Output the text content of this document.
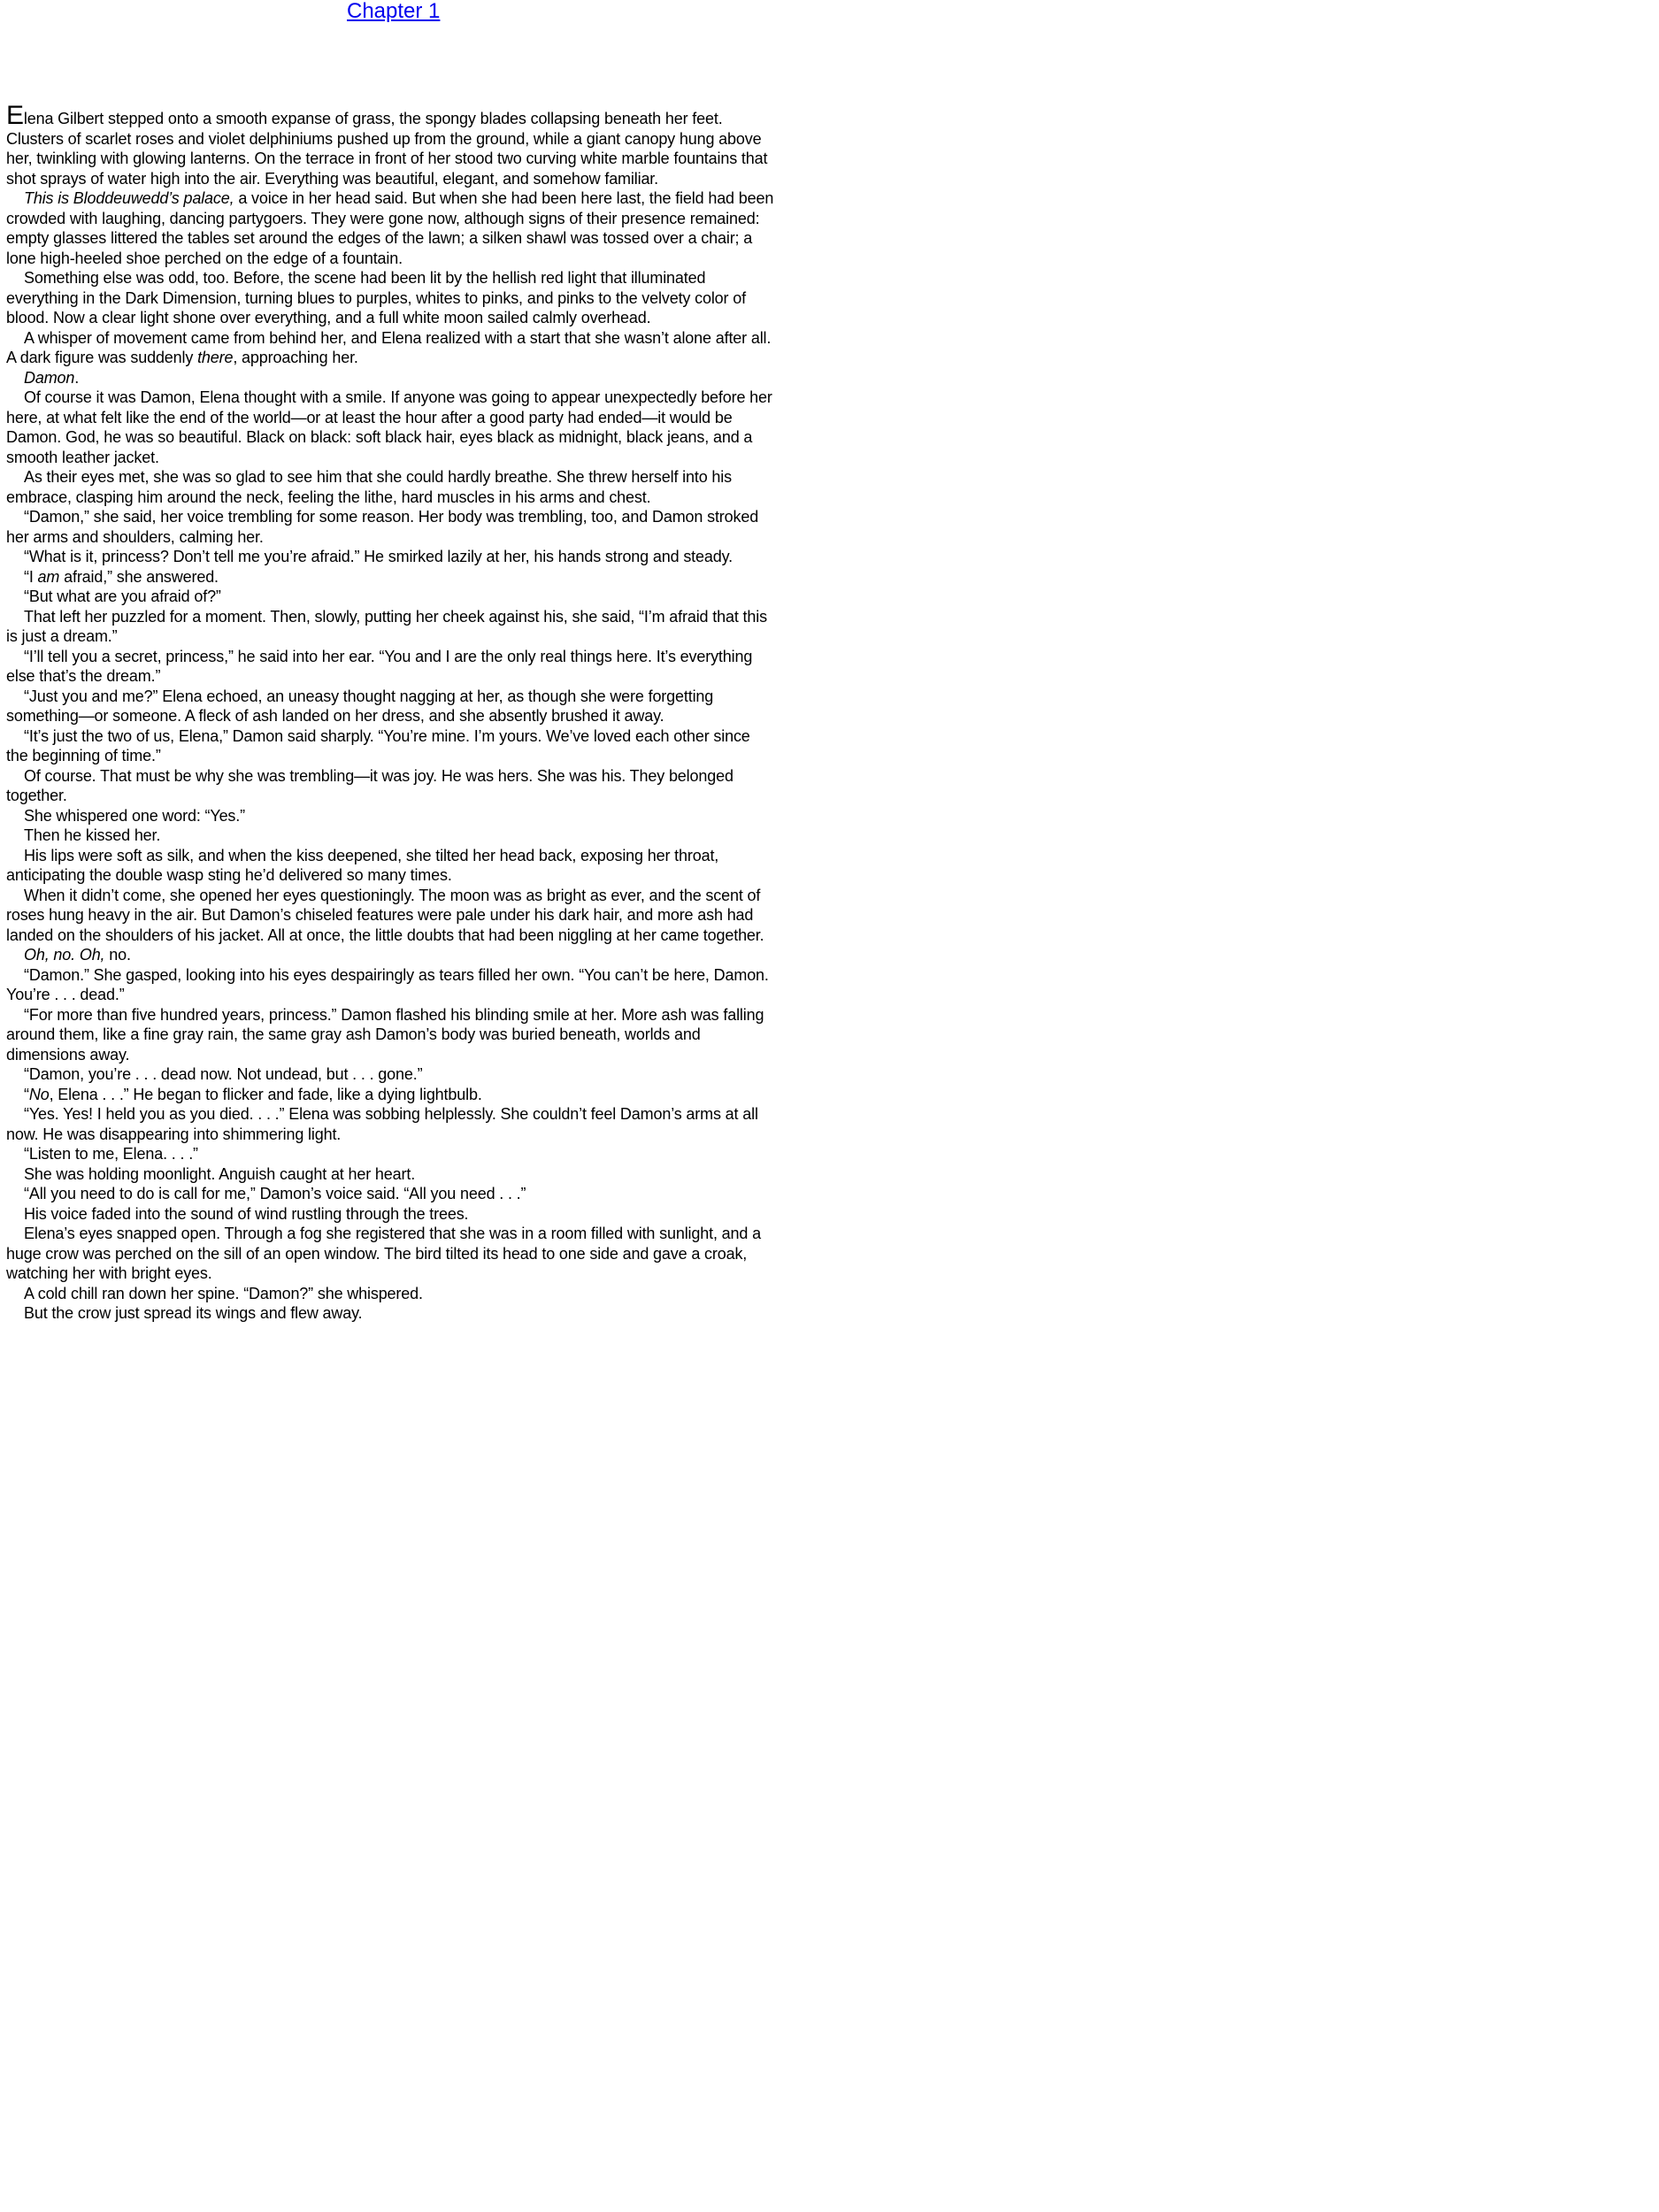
Chapter 1

Elena Gilbert stepped onto a smooth expanse of grass, the spongy blades collapsing beneath her feet. Clusters of scarlet roses and violet delphiniums pushed up from the ground, while a giant canopy hung above her, twinkling with glowing lanterns. On the terrace in front of her stood two curving white marble fountains that shot sprays of water high into the air. Everything was beautiful, elegant, and somehow familiar.

This is Bloddeuwedd’s palace, a voice in her head said. But when she had been here last, the field had been crowded with laughing, dancing partygoers. They were gone now, although signs of their presence remained: empty glasses littered the tables set around the edges of the lawn; a silken shawl was tossed over a chair; a lone high-heeled shoe perched on the edge of a fountain.

Something else was odd, too. Before, the scene had been lit by the hellish red light that illuminated everything in the Dark Dimension, turning blues to purples, whites to pinks, and pinks to the velvety color of blood. Now a clear light shone over everything, and a full white moon sailed calmly overhead.

A whisper of movement came from behind her, and Elena realized with a start that she wasn’t alone after all. A dark figure was suddenly there, approaching her.

Damon.

Of course it was Damon, Elena thought with a smile. If anyone was going to appear unexpectedly before her here, at what felt like the end of the world—or at least the hour after a good party had ended—it would be Damon. God, he was so beautiful. Black on black: soft black hair, eyes black as midnight, black jeans, and a smooth leather jacket.

As their eyes met, she was so glad to see him that she could hardly breathe. She threw herself into his embrace, clasping him around the neck, feeling the lithe, hard muscles in his arms and chest.

“Damon,” she said, her voice trembling for some reason. Her body was trembling, too, and Damon stroked her arms and shoulders, calming her.

“What is it, princess? Don’t tell me you’re afraid.” He smirked lazily at her, his hands strong and steady.

“I am afraid,” she answered.

“But what are you afraid of?”

That left her puzzled for a moment. Then, slowly, putting her cheek against his, she said, “I’m afraid that this is just a dream.”

“I’ll tell you a secret, princess,” he said into her ear. “You and I are the only real things here. It’s everything else that’s the dream.”

“Just you and me?” Elena echoed, an uneasy thought nagging at her, as though she were forgetting something—or someone. A fleck of ash landed on her dress, and she absently brushed it away.

“It’s just the two of us, Elena,” Damon said sharply. “You’re mine. I’m yours. We’ve loved each other since the beginning of time.”

Of course. That must be why she was trembling—it was joy. He was hers. She was his. They belonged together.

She whispered one word: “Yes.”

Then he kissed her.

His lips were soft as silk, and when the kiss deepened, she tilted her head back, exposing her throat, anticipating the double wasp sting he’d delivered so many times.

When it didn’t come, she opened her eyes questioningly. The moon was as bright as ever, and the scent of roses hung heavy in the air. But Damon’s chiseled features were pale under his dark hair, and more ash had landed on the shoulders of his jacket. All at once, the little doubts that had been niggling at her came together.

Oh, no. Oh, no.

“Damon.” She gasped, looking into his eyes despairingly as tears filled her own. “You can’t be here, Damon. You’re . . . dead.”

“For more than five hundred years, princess.” Damon flashed his blinding smile at her. More ash was falling around them, like a fine gray rain, the same gray ash Damon’s body was buried beneath, worlds and dimensions away.

“Damon, you’re . . . dead now. Not undead, but . . . gone.”

“No, Elena . . .” He began to flicker and fade, like a dying lightbulb.

“Yes. Yes! I held you as you died. . . .” Elena was sobbing helplessly. She couldn’t feel Damon’s arms at all now. He was disappearing into shimmering light.

“Listen to me, Elena. . . .”

She was holding moonlight. Anguish caught at her heart.

“All you need to do is call for me,” Damon’s voice said. “All you need . . .”

His voice faded into the sound of wind rustling through the trees.

Elena’s eyes snapped open. Through a fog she registered that she was in a room filled with sunlight, and a huge crow was perched on the sill of an open window. The bird tilted its head to one side and gave a croak, watching her with bright eyes.

A cold chill ran down her spine. “Damon?” she whispered.

But the crow just spread its wings and flew away.
